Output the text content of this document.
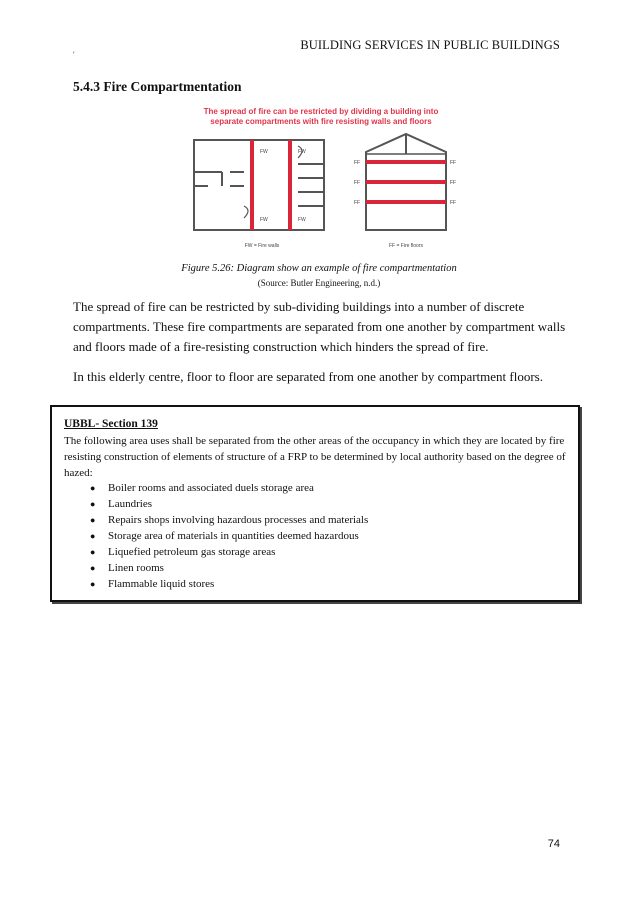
BUILDING SERVICES IN PUBLIC BUILDINGS
'
5.4.3 Fire Compartmentation
The spread of fire can be restricted by dividing a building into
separate compartments with fire resisting walls and floors
FW	FW
FW	FW
FF
FF
FF
FF
FF
FF
FW = Fire walls	FF = Fire floors
Figure 5.26: Diagram show an example of fire compartmentation
(Source: Butler Engineering, n.d.)
The spread of fire can be restricted by sub-dividing buildings into a number of discrete compartments. These fire compartments are separated from one another by compartment walls and floors made of a fire-resisting construction which hinders the spread of fire.
In this elderly centre, floor to floor are separated from one another by compartment floors.
UBBL- Section 139
The following area uses shall be separated from the other areas of the occupancy in which they are located by fire resisting construction of elements of structure of a FRP to be determined by local authority based on the degree of hazed:
● Boiler rooms and associated duels storage area
● Laundries
● Repairs shops involving hazardous processes and materials
● Storage area of materials in quantities deemed hazardous
● Liquefied petroleum gas storage areas
● Linen rooms
● Flammable liquid stores
74
